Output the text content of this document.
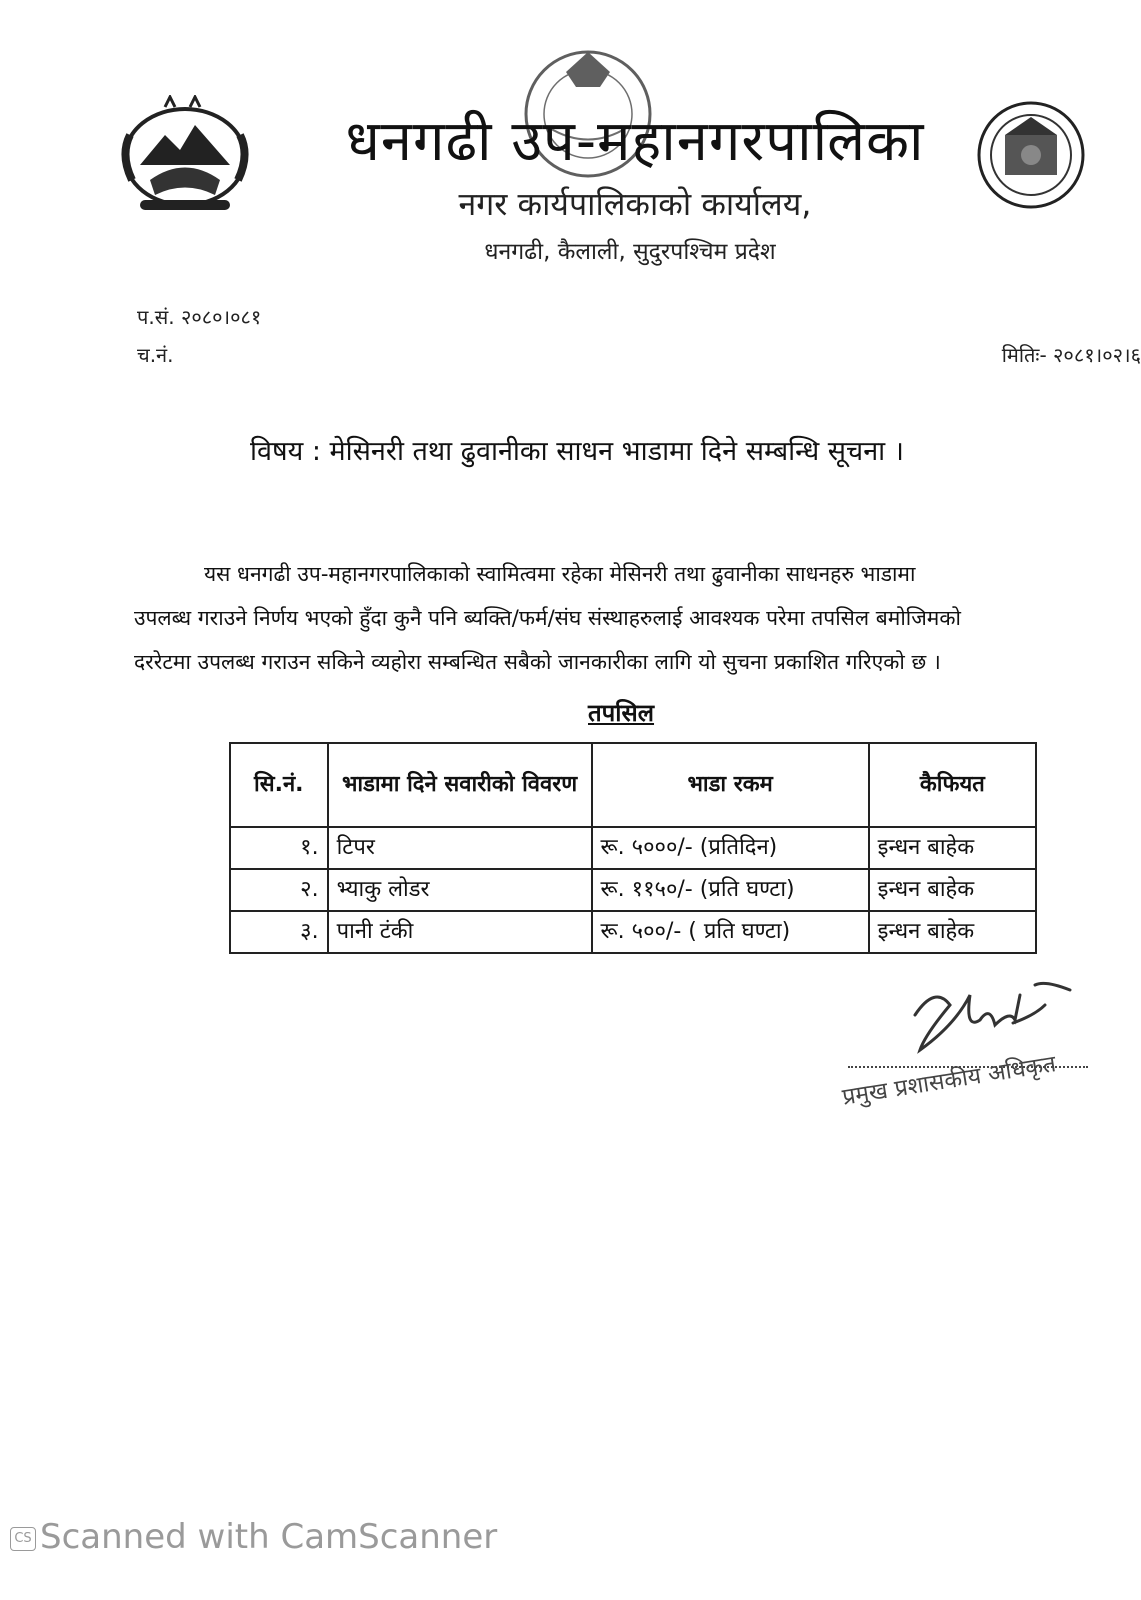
धनगढी उप-महानगरपालिका
नगर कार्यपालिकाको कार्यालय,
धनगढी, कैलाली, सुदुरपश्चिम प्रदेश
प.सं. २०८०।०८१
च.नं.	मितिः- २०८१।०२।६
विषय : मेसिनरी तथा ढुवानीका साधन भाडामा दिने सम्बन्धि सूचना ।
यस धनगढी उप-महानगरपालिकाको स्वामित्वमा रहेका मेसिनरी तथा ढुवानीका साधनहरु भाडामा
उपलब्ध गराउने निर्णय भएको हुँदा कुनै पनि ब्यक्ति/फर्म/संघ संस्थाहरुलाई आवश्यक परेमा तपसिल बमोजिमको
दररेटमा उपलब्ध गराउन सकिने व्यहोरा सम्बन्धित सबैको जानकारीका लागि यो सुचना प्रकाशित गरिएको छ ।
तपसिल
सि.नं.	भाडामा दिने सवारीको विवरण	भाडा रकम	कैफियत
१.	टिपर	रू. ५०००/- (प्रतिदिन)	इन्धन बाहेक
२.	भ्याकु लोडर	रू. ११५०/- (प्रति घण्टा)	इन्धन बाहेक
३.	पानी टंकी	रू. ५००/- ( प्रति घण्टा)	इन्धन बाहेक
प्रमुख प्रशासकीय अधिकृत
CS Scanned with CamScanner
